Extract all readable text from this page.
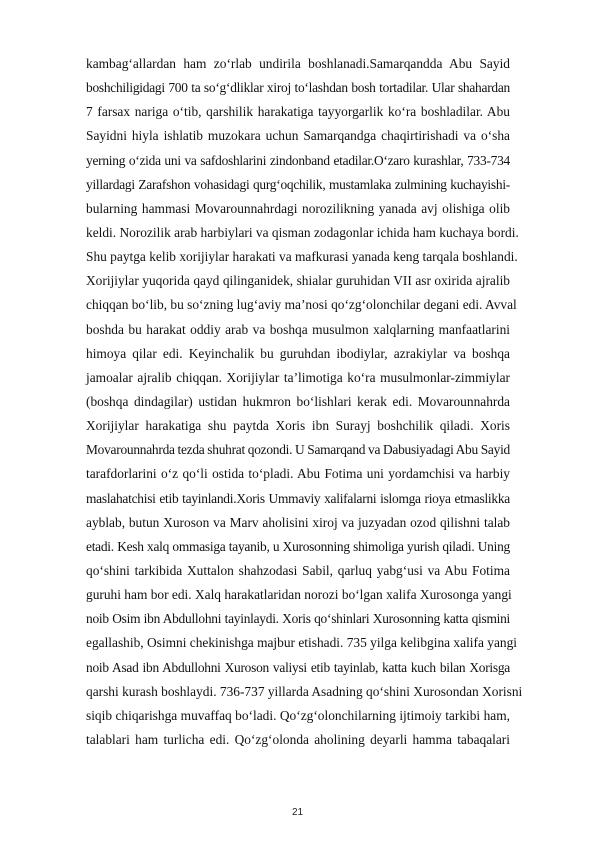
kambag‘allardan ham zo‘rlab undirila boshlanadi.Samarqandda Abu Sayid
boshchiligidagi 700 ta so‘g‘dliklar xiroj to‘lashdan bosh tortadilar. Ular shahardan
7 farsax nariga o‘tib, qarshilik harakatiga tayyorgarlik ko‘ra boshladilar. Abu
Sayidni hiyla ishlatib muzokara uchun Samarqandga chaqirtirishadi va o‘sha
yerning o‘zida uni va safdoshlarini zindonband etadilar.O‘zaro kurashlar, 733-734
yillardagi Zarafshon vohasidagi qurg‘oqchilik, mustamlaka zulmining kuchayishi-
bularning hammasi Movarounnahrdagi norozilikning yanada avj olishiga olib
keldi. Norozilik arab harbiylari va qisman zodagonlar ichida ham kuchaya bordi.
Shu paytga kelib xorijiylar harakati va mafkurasi yanada keng tarqala boshlandi.
Xorijiylar yuqorida qayd qilinganidek, shialar guruhidan VII asr oxirida ajralib
chiqqan bo‘lib, bu so‘zning lug‘aviy ma’nosi qo‘zg‘olonchilar degani edi. Avval
boshda bu harakat oddiy arab va boshqa musulmon xalqlarning manfaatlarini
himoya qilar edi. Keyinchalik bu guruhdan ibodiylar, azrakiylar va boshqa
jamoalar ajralib chiqqan. Xorijiylar ta’limotiga ko‘ra musulmonlar-zimmiylar
(boshqa dindagilar) ustidan hukmron bo‘lishlari kerak edi. Movarounnahrda
Xorijiylar harakatiga shu paytda Xoris ibn Surayj boshchilik qiladi. Xoris
Movarounnahrda tezda shuhrat qozondi. U Samarqand va Dabusiyadagi Abu Sayid
tarafdorlarini o‘z qo‘li ostida to‘pladi. Abu Fotima uni yordamchisi va harbiy
maslahatchisi etib tayinlandi.Xoris Ummaviy xalifalarni islomga rioya etmaslikka
ayblab, butun Xuroson va Marv aholisini xiroj va juzyadan ozod qilishni talab
etadi. Kesh xalq ommasiga tayanib, u Xurosonning shimoliga yurish qiladi. Uning
qo‘shini tarkibida Xuttalon shahzodasi Sabil, qarluq yabg‘usi va Abu Fotima
guruhi ham bor edi. Xalq harakatlaridan norozi bo‘lgan xalifa Xurosonga yangi
noib Osim ibn Abdullohni tayinlaydi. Xoris qo‘shinlari Xurosonning katta qismini
egallashib, Osimni chekinishga majbur etishadi. 735 yilga kelibgina xalifa yangi
noib Asad ibn Abdullohni Xuroson valiysi etib tayinlab, katta kuch bilan Xorisga
qarshi kurash boshlaydi. 736-737 yillarda Asadning qo‘shini Xurosondan Xorisni
siqib chiqarishga muvaffaq bo‘ladi. Qo‘zg‘olonchilarning ijtimoiy tarkibi ham,
talablari ham turlicha edi. Qo‘zg‘olonda aholining deyarli hamma tabaqalari
21
